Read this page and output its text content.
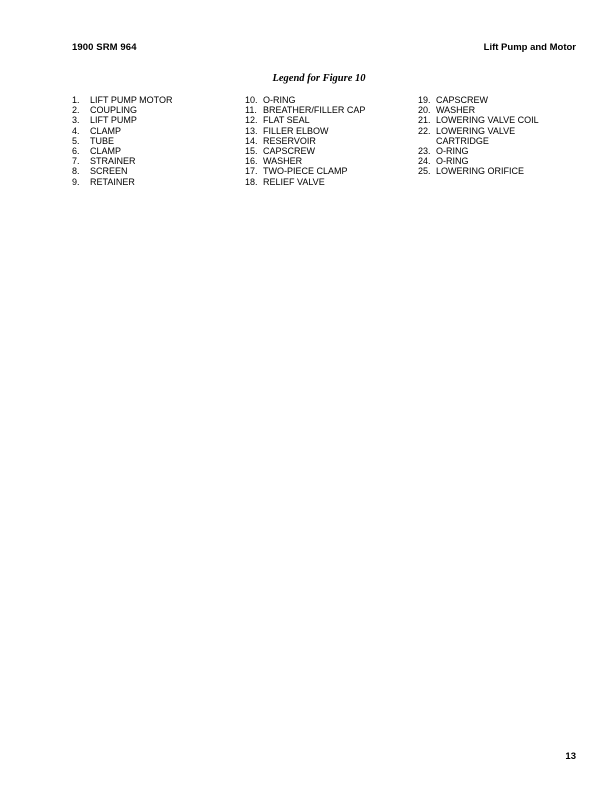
1900 SRM 964	Lift Pump and Motor
Legend for Figure 10
1.	LIFT PUMP MOTOR
2.	COUPLING
3.	LIFT PUMP
4.	CLAMP
5.	TUBE
6.	CLAMP
7.	STRAINER
8.	SCREEN
9.	RETAINER
10. O-RING
11. BREATHER/FILLER CAP
12. FLAT SEAL
13. FILLER ELBOW
14. RESERVOIR
15. CAPSCREW
16. WASHER
17. TWO-PIECE CLAMP
18. RELIEF VALVE
19. CAPSCREW
20. WASHER
21. LOWERING VALVE COIL
22. LOWERING VALVE
CARTRIDGE
23. O-RING
24. O-RING
25. LOWERING ORIFICE
13
